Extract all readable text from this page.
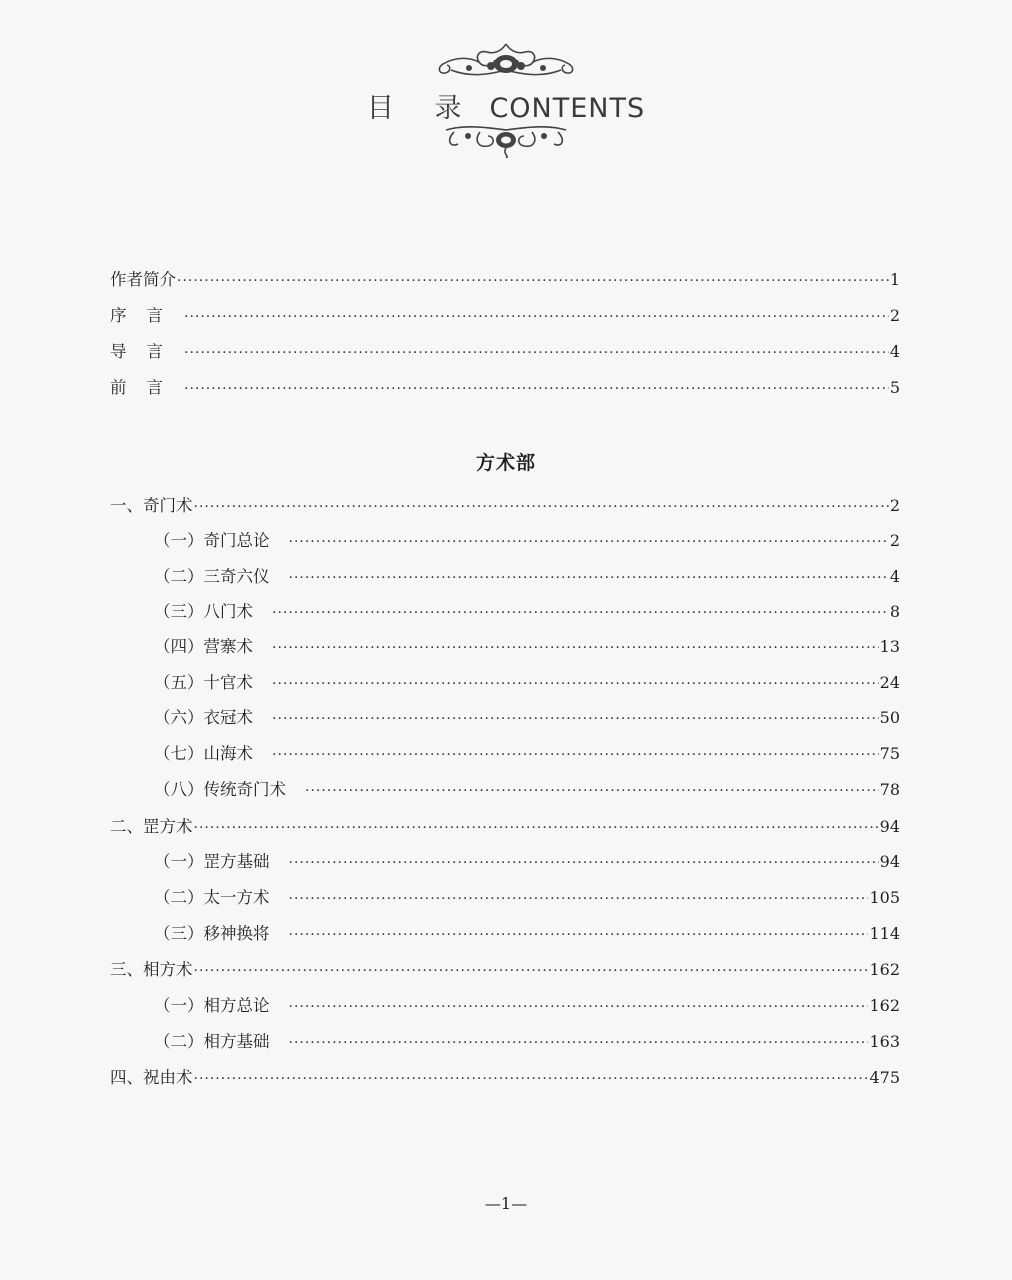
目 录 CONTENTS
作者简介 ·····	1
序言 ·····	2
导言 ·····	4
前言 ·····	5
方术部
一、奇门术 ·····	2
（一）奇门总论 ·····	2
（二）三奇六仪 ·····	4
（三）八门术 ·····	8
（四）营寨术 ·····	13
（五）十官术 ·····	24
（六）衣冠术 ·····	50
（七）山海术 ·····	75
（八）传统奇门术 ·····	78
二、罡方术 ·····	94
（一）罡方基础 ·····	94
（二）太一方术 ·····	105
（三）移神换将 ·····	114
三、相方术 ·····	162
（一）相方总论 ·····	162
（二）相方基础 ·····	163
四、祝由术 ·····	475
—1—
